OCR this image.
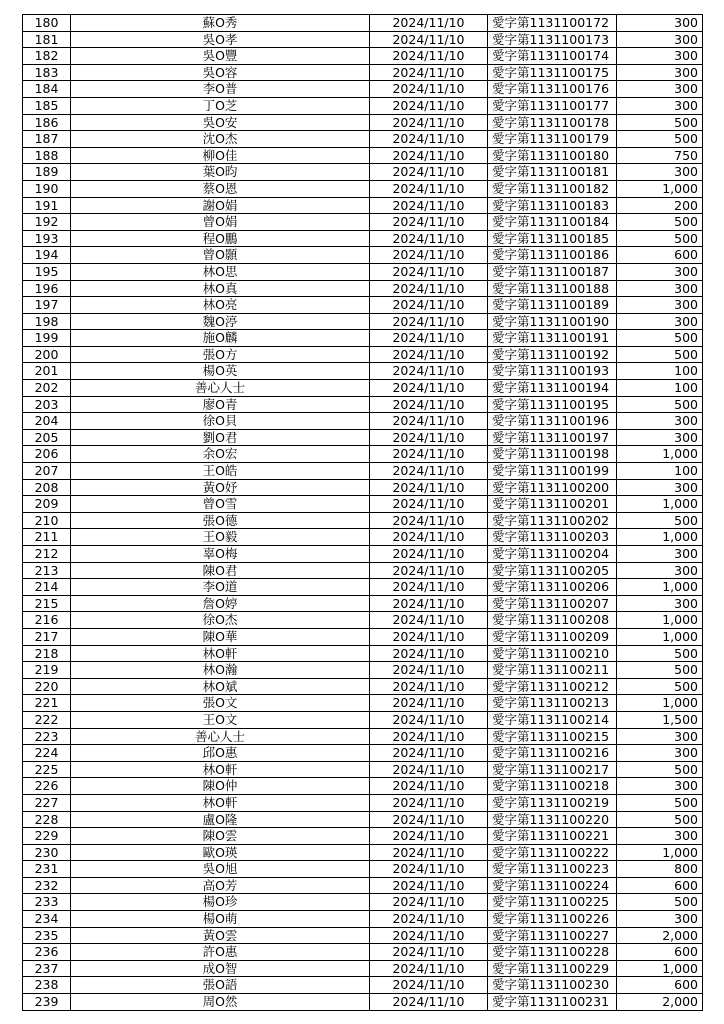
180	蘇O秀	2024/11/10	愛字第1131100172	300
181	吳O孝	2024/11/10	愛字第1131100173	300
182	吳O豐	2024/11/10	愛字第1131100174	300
183	吳O容	2024/11/10	愛字第1131100175	300
184	李O普	2024/11/10	愛字第1131100176	300
185	丁O芝	2024/11/10	愛字第1131100177	300
186	吳O安	2024/11/10	愛字第1131100178	500
187	沈O杰	2024/11/10	愛字第1131100179	500
188	柳O佳	2024/11/10	愛字第1131100180	750
189	葉O昀	2024/11/10	愛字第1131100181	300
190	蔡O恩	2024/11/10	愛字第1131100182	1,000
191	謝O娟	2024/11/10	愛字第1131100183	200
192	曾O娟	2024/11/10	愛字第1131100184	500
193	程O鵬	2024/11/10	愛字第1131100185	500
194	曾O顥	2024/11/10	愛字第1131100186	600
195	林O思	2024/11/10	愛字第1131100187	300
196	林O真	2024/11/10	愛字第1131100188	300
197	林O亮	2024/11/10	愛字第1131100189	300
198	魏O渟	2024/11/10	愛字第1131100190	300
199	施O麟	2024/11/10	愛字第1131100191	500
200	張O方	2024/11/10	愛字第1131100192	500
201	楊O英	2024/11/10	愛字第1131100193	100
202	善心人士	2024/11/10	愛字第1131100194	100
203	廖O青	2024/11/10	愛字第1131100195	500
204	徐O貝	2024/11/10	愛字第1131100196	300
205	劉O君	2024/11/10	愛字第1131100197	300
206	余O宏	2024/11/10	愛字第1131100198	1,000
207	王O皓	2024/11/10	愛字第1131100199	100
208	黃O妤	2024/11/10	愛字第1131100200	300
209	曾O雪	2024/11/10	愛字第1131100201	1,000
210	張O德	2024/11/10	愛字第1131100202	500
211	王O毅	2024/11/10	愛字第1131100203	1,000
212	辜O梅	2024/11/10	愛字第1131100204	300
213	陳O君	2024/11/10	愛字第1131100205	300
214	李O道	2024/11/10	愛字第1131100206	1,000
215	詹O婷	2024/11/10	愛字第1131100207	300
216	徐O杰	2024/11/10	愛字第1131100208	1,000
217	陳O華	2024/11/10	愛字第1131100209	1,000
218	林O軒	2024/11/10	愛字第1131100210	500
219	林O瀚	2024/11/10	愛字第1131100211	500
220	林O斌	2024/11/10	愛字第1131100212	500
221	張O文	2024/11/10	愛字第1131100213	1,000
222	王O文	2024/11/10	愛字第1131100214	1,500
223	善心人士	2024/11/10	愛字第1131100215	300
224	邱O惠	2024/11/10	愛字第1131100216	300
225	林O軒	2024/11/10	愛字第1131100217	500
226	陳O仲	2024/11/10	愛字第1131100218	300
227	林O軒	2024/11/10	愛字第1131100219	500
228	盧O隆	2024/11/10	愛字第1131100220	500
229	陳O雲	2024/11/10	愛字第1131100221	300
230	歐O瑛	2024/11/10	愛字第1131100222	1,000
231	吳O旭	2024/11/10	愛字第1131100223	800
232	高O芳	2024/11/10	愛字第1131100224	600
233	楊O珍	2024/11/10	愛字第1131100225	500
234	楊O萌	2024/11/10	愛字第1131100226	300
235	黃O雲	2024/11/10	愛字第1131100227	2,000
236	許O惠	2024/11/10	愛字第1131100228	600
237	成O智	2024/11/10	愛字第1131100229	1,000
238	張O語	2024/11/10	愛字第1131100230	600
239	周O然	2024/11/10	愛字第1131100231	2,000
